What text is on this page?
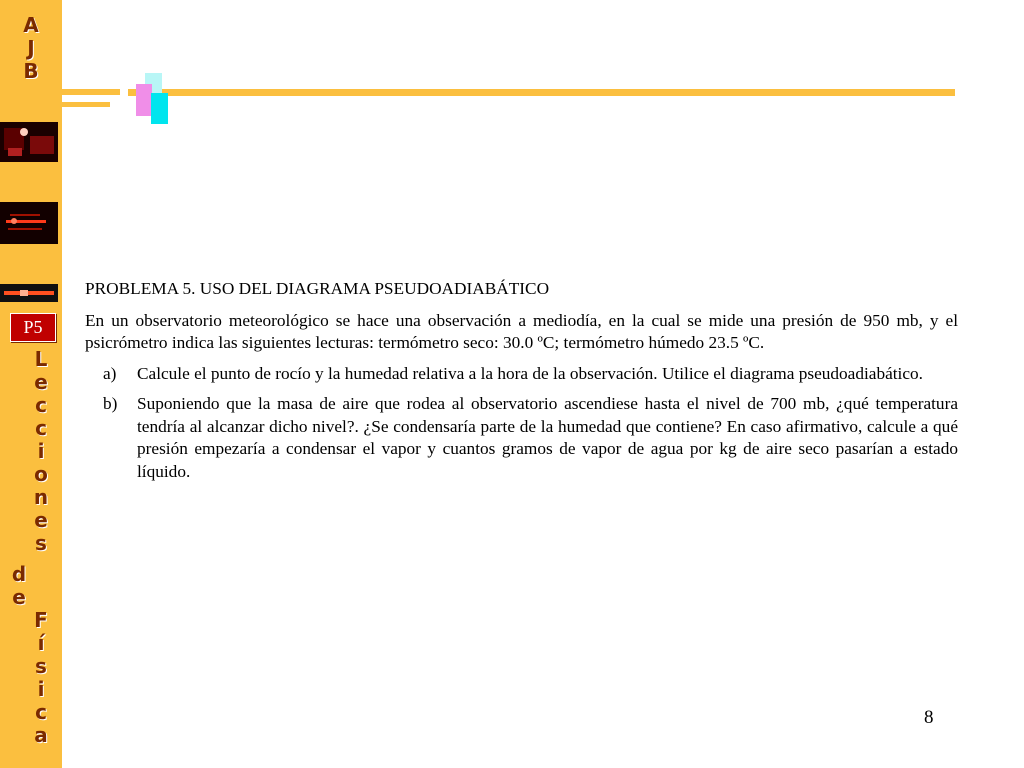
A
J
B
P5
L
e
c
c
i
o
n
e
s
d
e
F
í
s
i
c
a

PROBLEMA 5. USO DEL DIAGRAMA PSEUDOADIABÁTICO

En un observatorio meteorológico se hace una observación a mediodía, en la cual se mide una presión de 950 mb, y el psicrómetro indica las siguientes lecturas: termómetro seco: 30.0 ºC; termómetro húmedo 23.5 ºC.

a)	Calcule el punto de rocío y la humedad relativa a la hora de la observación. Utilice el diagrama pseudoadiabático.
b)	Suponiendo que la masa de aire que rodea al observatorio ascendiese hasta el nivel de 700 mb, ¿qué temperatura tendría al alcanzar dicho nivel?. ¿Se condensaría parte de la humedad que contiene? En caso afirmativo, calcule a qué presión empezaría a condensar el vapor y cuantos gramos de vapor de agua por kg de aire seco pasarían a estado líquido.
8
